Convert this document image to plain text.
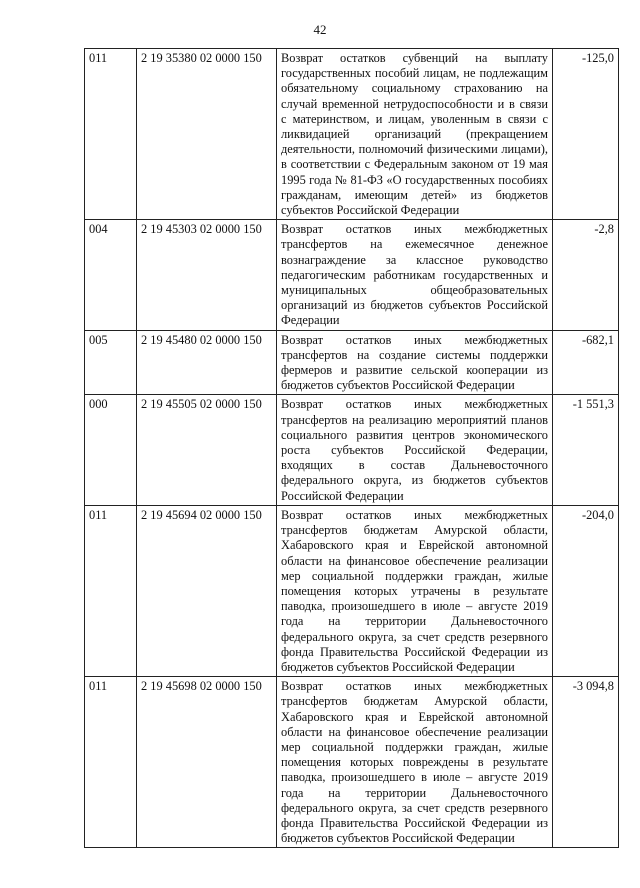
42
011	2 19 35380 02 0000 150	Возврат остатков субвенций на выплату государственных пособий лицам, не подлежащим обязательному социальному страхованию на случай временной нетрудоспособности и в связи с материнством, и лицам, уволенным в связи с ликвидацией организаций (прекращением деятельности, полномочий физическими лицами), в соответствии с Федеральным законом от 19 мая 1995 года № 81-ФЗ «О государственных пособиях гражданам, имеющим детей» из бюджетов субъектов Российской Федерации	-125,0
004	2 19 45303 02 0000 150	Возврат остатков иных межбюджетных трансфертов на ежемесячное денежное вознаграждение за классное руководство педагогическим работникам государственных и муниципальных общеобразовательных организаций из бюджетов субъектов Российской Федерации	-2,8
005	2 19 45480 02 0000 150	Возврат остатков иных межбюджетных трансфертов на создание системы поддержки фермеров и развитие сельской кооперации из бюджетов субъектов Российской Федерации	-682,1
000	2 19 45505 02 0000 150	Возврат остатков иных межбюджетных трансфертов на реализацию мероприятий планов социального развития центров экономического роста субъектов Российской Федерации, входящих в состав Дальневосточного федерального округа, из бюджетов субъектов Российской Федерации	-1 551,3
011	2 19 45694 02 0000 150	Возврат остатков иных межбюджетных трансфертов бюджетам Амурской области, Хабаровского края и Еврейской автономной области на финансовое обеспечение реализации мер социальной поддержки граждан, жилые помещения которых утрачены в результате паводка, произошедшего в июле – августе 2019 года на территории Дальневосточного федерального округа, за счет средств резервного фонда Правительства Российской Федерации из бюджетов субъектов Российской Федерации	-204,0
011	2 19 45698 02 0000 150	Возврат остатков иных межбюджетных трансфертов бюджетам Амурской области, Хабаровского края и Еврейской автономной области на финансовое обеспечение реализации мер социальной поддержки граждан, жилые помещения которых повреждены в результате паводка, произошедшего в июле – августе 2019 года на территории Дальневосточного федерального округа, за счет средств резервного фонда Правительства Российской Федерации из бюджетов субъектов Российской Федерации	-3 094,8
